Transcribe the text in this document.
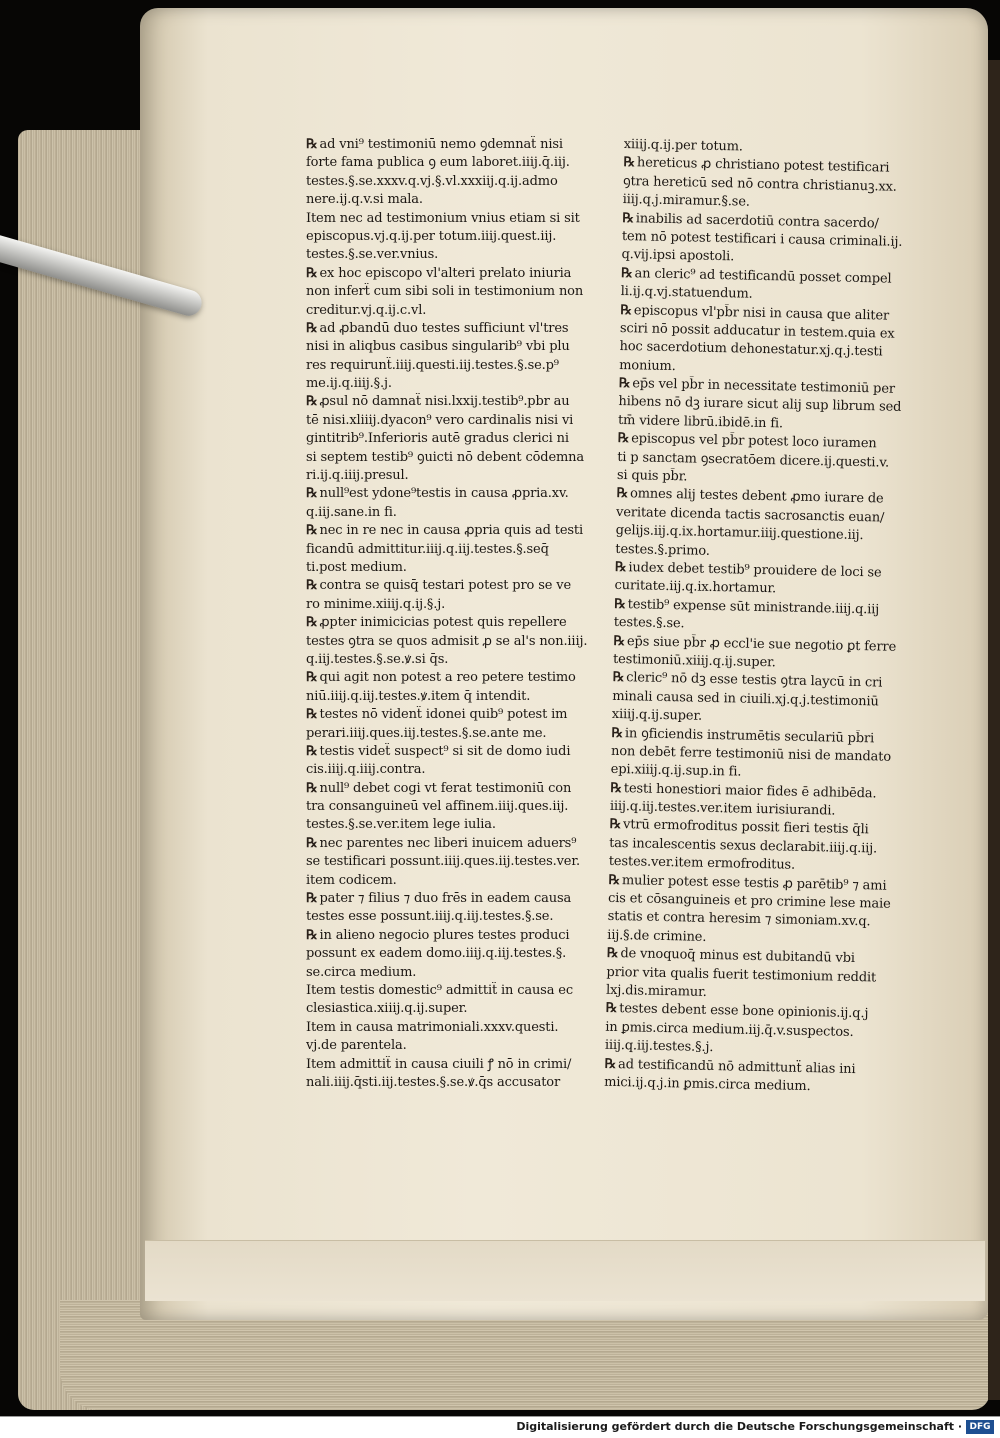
℞ ad vni⁹ testimoniū nemo ꝯdemnaẗ nisi
forte fama publica ꝯ eum laboret.iiij.q̄.iij.
testes.§.se.xxxv.q.vj.§.vl.xxxiij.q.ij.admo
nere.ij.q.v.si mala.
Item nec ad testimonium vnius etiam si sit
episcopus.vj.q.ij.per totum.iiij.quest.iij.
testes.§.se.ver.vnius.
℞ ex hoc episcopo vl'alteri prelato iniuria
non inferẗ cum sibi soli in testimonium non
creditur.vj.q.ij.c.vl.
℞ ad ꝓbandū duo testes sufficiunt vl'tres
nisi in aliqbus casibus singularib⁹ vbi plu
res requirunẗ.iiij.questi.iij.testes.§.se.p⁹
me.ij.q.iiij.§.j.
℞ ꝓsul nō damnaẗ nisi.lxxij.testib⁹.pb̄r au
tē nisi.xliiij.dyacon⁹ vero cardinalis nisi vi
gintitrib⁹.Inferioris autē gradus clerici ni
si septem testib⁹ ꝯuicti nō debent cōdemna
ri.ij.q.iiij.presul.
℞ null⁹est ydone⁹testis in causa ꝓpria.xv.
q.iij.sane.in fi.
℞ nec in re nec in causa ꝓpria quis ad testi
ficandū admittitur.iiij.q.iij.testes.§.seq̄
ti.post medium.
℞ contra se quisq̄ testari potest pro se ve
ro minime.xiiij.q.ij.§.j.
℞ ꝓpter inimicicias potest quis repellere
testes ꝯtra se quos admisit ꝓ se al's non.iiij.
q.iij.testes.§.se.ꝟ.si q̄s.
℞ qui agit non potest a reo petere testimo
niū.iiij.q.iij.testes.ꝟ.item q̄ intendit.
℞ testes nō videnẗ idonei quib⁹ potest im
perari.iiij.ques.iij.testes.§.se.ante me.
℞ testis videẗ suspect⁹ si sit de domo iudi
cis.iiij.q.iiij.contra.
℞ null⁹ debet cogi vt ferat testimoniū con
tra consanguineū vel affinem.iiij.ques.iij.
testes.§.se.ver.item lege iulia.
℞ nec parentes nec liberi inuicem aduers⁹
se testificari possunt.iiij.ques.iij.testes.ver.
item codicem.
℞ pater ⁊ filius ⁊ duo frēs in eadem causa
testes esse possunt.iiij.q.iij.testes.§.se.
℞ in alieno negocio plures testes produci
possunt ex eadem domo.iiij.q.iij.testes.§.
se.circa medium.
Item testis domestic⁹ admittiẗ in causa ec
clesiastica.xiiij.q.ij.super.
Item in causa matrimoniali.xxxv.questi.
vj.de parentela.
Item admittiẗ in causa ciuili ꝭ nō in crimi/
nali.iiij.q̄sti.iij.testes.§.se.ꝟ.q̄s accusator
xiiij.q.ij.per totum.
℞ hereticus ꝓ christiano potest testificari
ꝯtra hereticū sed nō contra christianuꝫ.xx.
iiij.q.j.miramur.§.se.
℞ inabilis ad sacerdotiū contra sacerdo/
tem nō potest testificari i causa criminali.ij.
q.vij.ipsi apostoli.
℞ an cleric⁹ ad testificandū posset compel
li.ij.q.vj.statuendum.
℞ episcopus vl'pb̄r nisi in causa que aliter
sciri nō possit adducatur in testem.quia ex
hoc sacerdotium dehonestatur.xj.q.j.testi
monium.
℞ ep̄s vel pb̄r in necessitate testimoniū per
hibens nō dꝫ iurare sicut alij sup librum sed
tm̄ videre librū.ibidē.in fi.
℞ episcopus vel pb̄r potest loco iuramen
ti p sanctam ꝯsecratōem dicere.ij.questi.v.
si quis pb̄r.
℞ omnes alij testes debent ꝓmo iurare de
veritate dicenda tactis sacrosanctis euan/
gelijs.iij.q.ix.hortamur.iiij.questione.iij.
testes.§.primo.
℞ iudex debet testib⁹ prouidere de loci se
curitate.iij.q.ix.hortamur.
℞ testib⁹ expense sūt ministrande.iiij.q.iij
testes.§.se.
℞ ep̄s siue pb̄r ꝓ eccl'ie sue negotio ꝑt ferre
testimoniū.xiiij.q.ij.super.
℞ cleric⁹ nō dꝫ esse testis ꝯtra laycū in cri
minali causa sed in ciuili.xj.q.j.testimoniū
xiiij.q.ij.super.
℞ in ꝯficiendis instrumētis seculariū pb̄ri
non debēt ferre testimoniū nisi de mandato
epi.xiiij.q.ij.sup.in fi.
℞ testi honestiori maior fides ē adhibēda.
iiij.q.iij.testes.ver.item iurisiurandi.
℞ vtrū ermofroditus possit fieri testis q̄li
tas incalescentis sexus declarabit.iiij.q.iij.
testes.ver.item ermofroditus.
℞ mulier potest esse testis ꝓ parētib⁹ ⁊ ami
cis et cōsanguineis et pro crimine lese maie
statis et contra heresim ⁊ simoniam.xv.q.
iij.§.de crimine.
℞ de vnoquoq̄ minus est dubitandū vbi
prior vita qualis fuerit testimonium reddit
lxj.dis.miramur.
℞ testes debent esse bone opinionis.ij.q.j
in ꝑmis.circa medium.iij.q̄.v.suspectos.
iiij.q.iij.testes.§.j.
℞ ad testificandū nō admittunẗ alias ini
mici.ij.q.j.in ꝑmis.circa medium.
Digitalisierung gefördert durch die Deutsche Forschungsgemeinschaft · DFG
